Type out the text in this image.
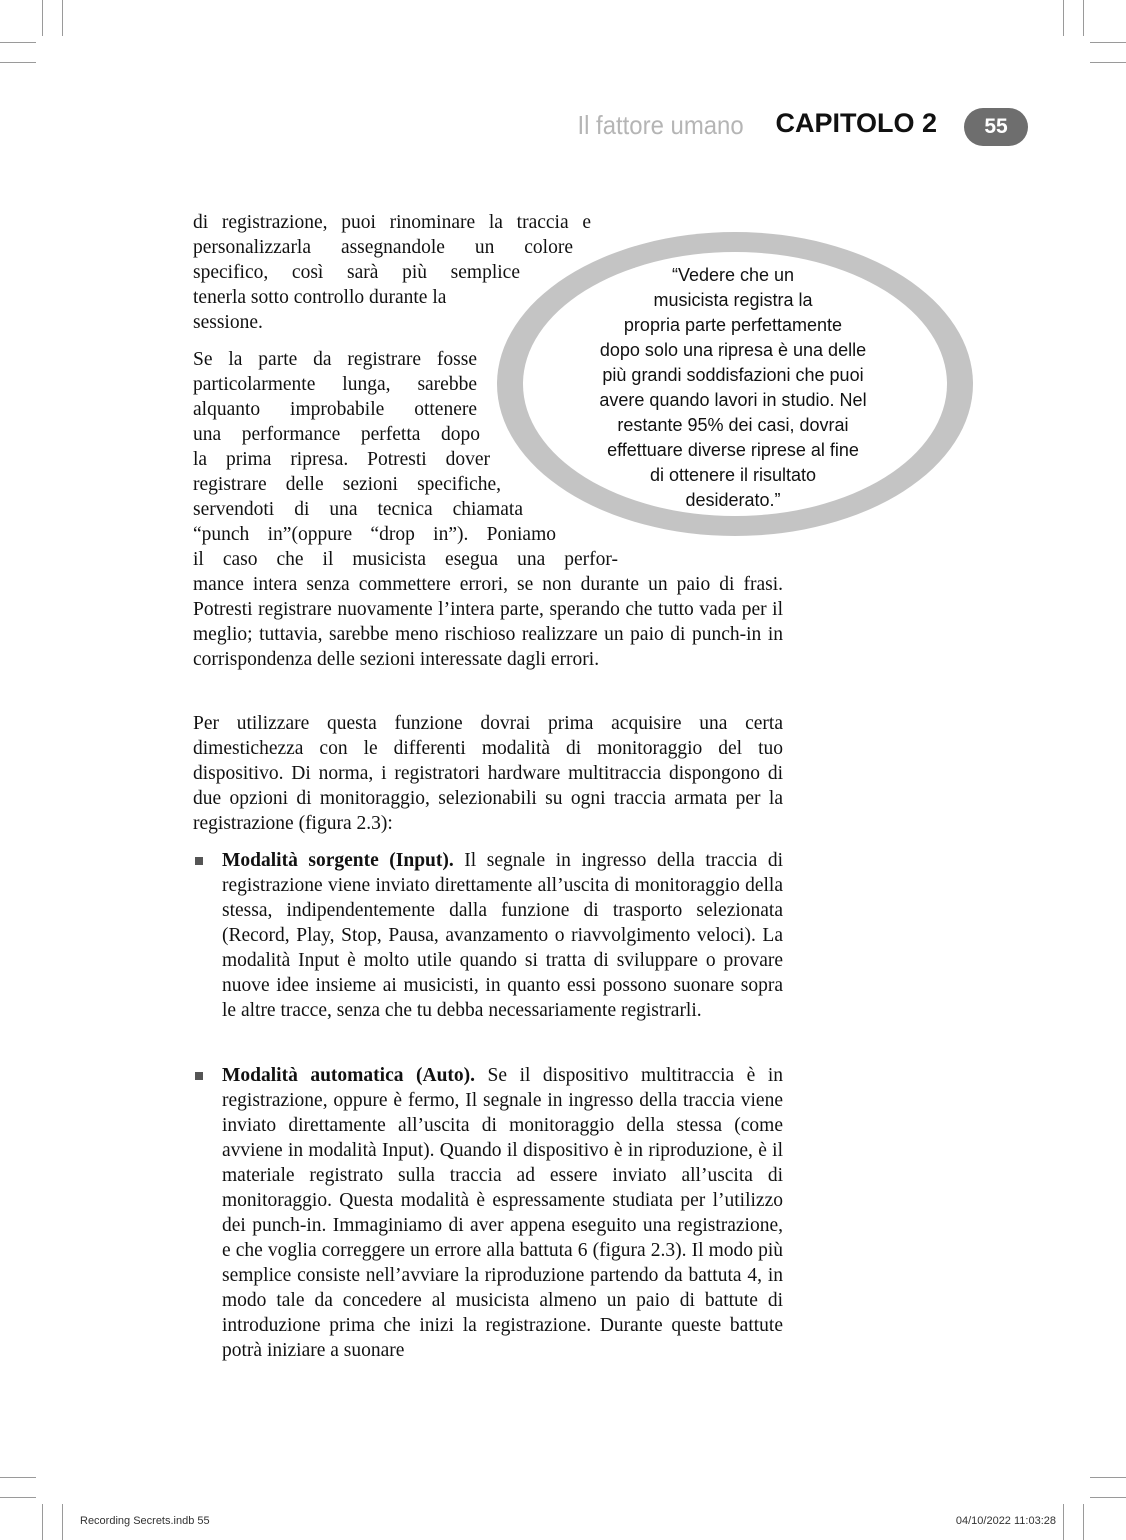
Il fattore umano CAPITOLO 2	55
“Vedere che un
musicista registra la
propria parte perfettamente
dopo solo una ripresa è una delle
più grandi soddisfazioni che puoi
avere quando lavori in studio. Nel
restante 95% dei casi, dovrai
effettuare diverse riprese al fine
di ottenere il risultato
desiderato.”
di registrazione, puoi rinominare la traccia e
personalizzarla assegnandole un colore
specifico, così sarà più semplice
tenerla sotto controllo durante la
sessione.
Se la parte da registrare fosse
particolarmente lunga, sarebbe
alquanto improbabile ottenere
una performance perfetta dopo
la prima ripresa. Potresti dover
registrare delle sezioni specifiche,
servendoti di una tecnica chiamata
“punch in”(oppure “drop in”). Poniamo
il caso che il musicista esegua una perfor-
mance intera senza commettere errori, se non durante un paio di frasi. Potresti registrare nuovamente l’intera parte, sperando che tutto vada per il meglio; tuttavia, sarebbe meno rischioso realizzare un paio di punch-in in corrispondenza delle sezioni interessate dagli errori.
Per utilizzare questa funzione dovrai prima acquisire una certa dimestichezza con le differenti modalità di monitoraggio del tuo dispositivo. Di norma, i registratori hardware multitraccia dispongono di due opzioni di monitoraggio, selezionabili su ogni traccia armata per la registrazione (figura 2.3):
Modalità sorgente (Input). Il segnale in ingresso della traccia di registrazione viene inviato direttamente all’uscita di monitoraggio della stessa, indipendentemente dalla funzione di trasporto selezionata (Record, Play, Stop, Pausa, avanzamento o riavvolgimento veloci). La modalità Input è molto utile quando si tratta di sviluppare o provare nuove idee insieme ai musicisti, in quanto essi possono suonare sopra le altre tracce, senza che tu debba necessariamente registrarli.
Modalità automatica (Auto). Se il dispositivo multitraccia è in registrazione, oppure è fermo, Il segnale in ingresso della traccia viene inviato direttamente all’uscita di monitoraggio della stessa (come avviene in modalità Input). Quando il dispositivo è in riproduzione, è il materiale registrato sulla traccia ad essere inviato all’uscita di monitoraggio. Questa modalità è espressamente studiata per l’utilizzo dei punch-in. Immaginiamo di aver appena eseguito una registrazione, e che voglia correggere un errore alla battuta 6 (figura 2.3). Il modo più semplice consiste nell’avviare la riproduzione partendo da battuta 4, in modo tale da concedere al musicista almeno un paio di battute di introduzione prima che inizi la registrazione. Durante queste battute potrà iniziare a suonare
Recording Secrets.indb 55	04/10/2022 11:03:28
